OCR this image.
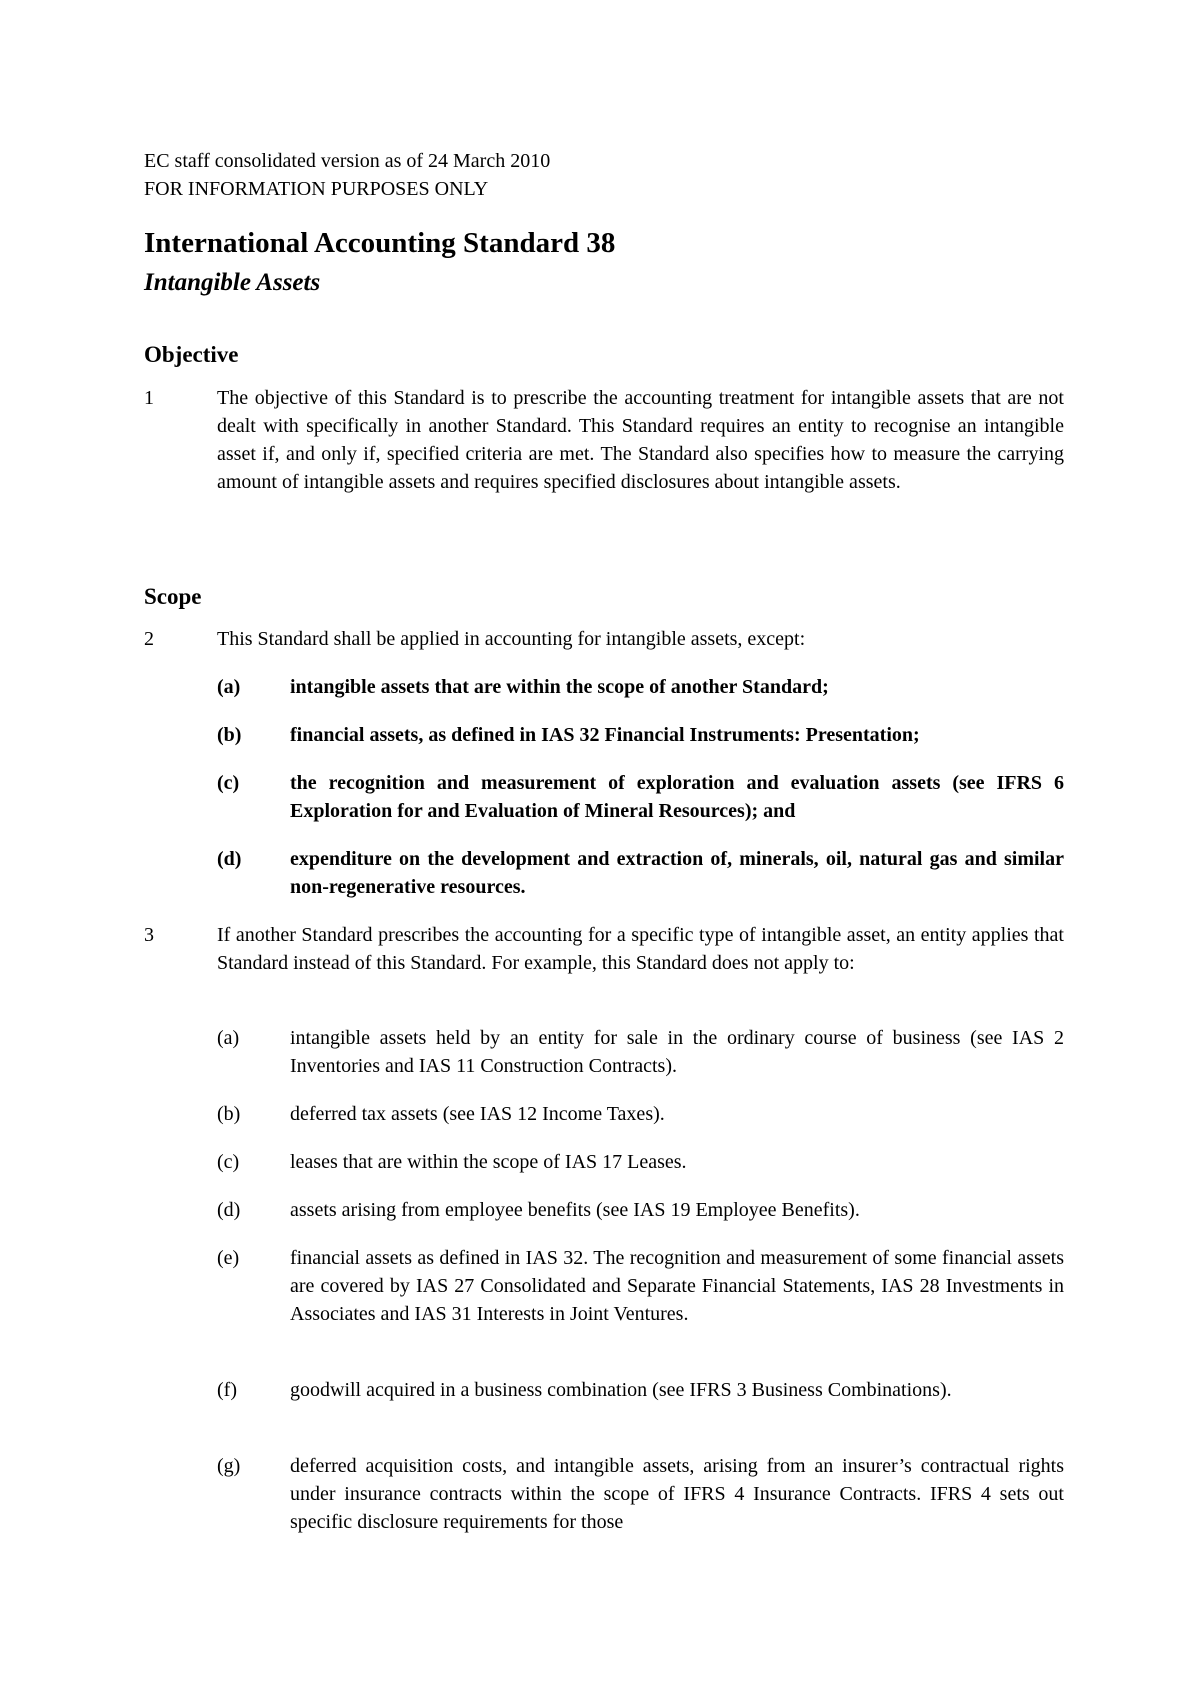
EC staff consolidated version as of 24 March 2010
FOR INFORMATION PURPOSES ONLY
International Accounting Standard 38
Intangible Assets
Objective
1	The objective of this Standard is to prescribe the accounting treatment for intangible assets that are not dealt with specifically in another Standard. This Standard requires an entity to recognise an intangible asset if, and only if, specified criteria are met. The Standard also specifies how to measure the carrying amount of intangible assets and requires specified disclosures about intangible assets.
Scope
2	This Standard shall be applied in accounting for intangible assets, except:
(a) intangible assets that are within the scope of another Standard;
(b) financial assets, as defined in IAS 32 Financial Instruments: Presentation;
(c)	the recognition and measurement of exploration and evaluation assets (see IFRS 6 Exploration for and Evaluation of Mineral Resources); and
(d) expenditure on the development and extraction of, minerals, oil, natural gas and similar non-regenerative resources.
3	If another Standard prescribes the accounting for a specific type of intangible asset, an entity applies that Standard instead of this Standard. For example, this Standard does not apply to:
(a)	intangible assets held by an entity for sale in the ordinary course of business (see IAS 2 Inventories and IAS 11 Construction Contracts).
(b) deferred tax assets (see IAS 12 Income Taxes).
(c)	leases that are within the scope of IAS 17 Leases.
(d) assets arising from employee benefits (see IAS 19 Employee Benefits).
(e)	financial assets as defined in IAS 32. The recognition and measurement of some financial assets are covered by IAS 27 Consolidated and Separate Financial Statements, IAS 28 Investments in Associates and IAS 31 Interests in Joint Ventures.
(f)	goodwill acquired in a business combination (see IFRS 3 Business Combinations).
(g) deferred acquisition costs, and intangible assets, arising from an insurer’s contractual rights under insurance contracts within the scope of IFRS 4 Insurance Contracts. IFRS 4 sets out specific disclosure requirements for those
